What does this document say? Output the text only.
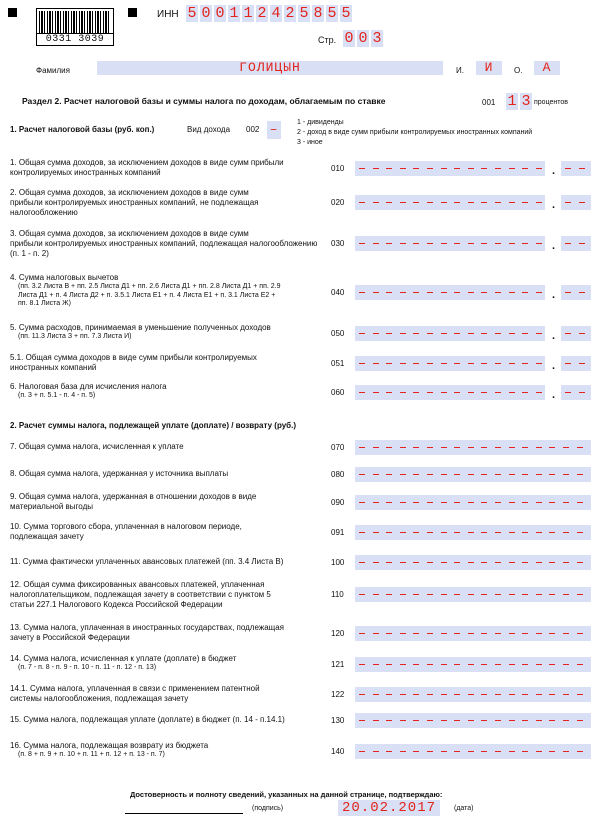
0331 3039
ИНН 5 0 0 1 1 2 4 2 5 8 5 5
Стр. 0 0 3
Фамилия	ГОЛИЦЫН	И.	И	О.	А
Раздел 2. Расчет налоговой базы и суммы налога по доходам, облагаемым по ставке	001 1 3 процентов
1. Расчет налоговой базы (руб. коп.)	Вид дохода 002 –	1 - дивиденды
2 - доход в виде сумм прибыли контролируемых иностранных компаний
3 - иное
2. Расчет суммы налога, подлежащей уплате (доплате) / возврату (руб.)
1. Общая сумма доходов, за исключением доходов в виде сумм прибыли
контролируемых иностранных компаний	010	.
2. Общая сумма доходов, за исключением доходов в виде сумм
прибыли контролируемых иностранных компаний, не подлежащая
налогообложению
020	.
3. Общая сумма доходов, за исключением доходов в виде сумм
прибыли контролируемых иностранных компаний, подлежащая налогообложению
(п. 1 - п. 2)
030	.
4. Сумма налоговых вычетов
(пп. 3.2 Листа В + пп. 2.5 Листа Д1 + пп. 2.6 Листа Д1 + пп. 2.8 Листа Д1 + пп. 2.9
Листа Д1 + п. 4 Листа Д2 + п. 3.5.1 Листа Е1 + п. 4 Листа Е1 + п. 3.1 Листа Е2 +
пп. 8.1 Листа Ж)
040	.
5. Сумма расходов, принимаемая в уменьшение полученных доходов
(пп. 11.3 Листа З + пп. 7.3 Листа И)	050	.
5.1. Общая сумма доходов в виде сумм прибыли контролируемых
иностранных компаний	051	.
6. Налоговая база для исчисления налога
(п. 3 + п. 5.1 - п. 4 - п. 5)	060	.
7. Общая сумма налога, исчисленная к уплате	070
8. Общая сумма налога, удержанная у источника выплаты	080
9. Общая сумма налога, удержанная в отношении доходов в виде
материальной выгоды	090
10. Сумма торгового сбора, уплаченная в налоговом периоде,
подлежащая зачету	091
11. Сумма фактически уплаченных авансовых платежей (пп. 3.4 Листа В)	100
12. Общая сумма фиксированных авансовых платежей, уплаченная
налогоплательщиком, подлежащая зачету в соответствии с пунктом 5
статьи 227.1 Налогового Кодекса Российской Федерации
110
13. Сумма налога, уплаченная в иностранных государствах, подлежащая
зачету в Российской Федерации	120
14. Сумма налога, исчисленная к уплате (доплате) в бюджет
(п. 7 - п. 8 - п. 9 - п. 10 - п. 11 - п. 12 - п. 13)	121
14.1. Сумма налога, уплаченная в связи с применением патентной
системы налогообложения, подлежащая зачету	122
15. Сумма налога, подлежащая уплате (доплате) в бюджет (п. 14 - п.14.1)	130
16. Сумма налога, подлежащая возврату из бюджета
(п. 8 + п. 9 + п. 10 + п. 11 + п. 12 + п. 13 - п. 7)	140
Достоверность и полноту сведений, указанных на данной странице, подтверждаю:
(подпись)	20.02.2017	(дата)
